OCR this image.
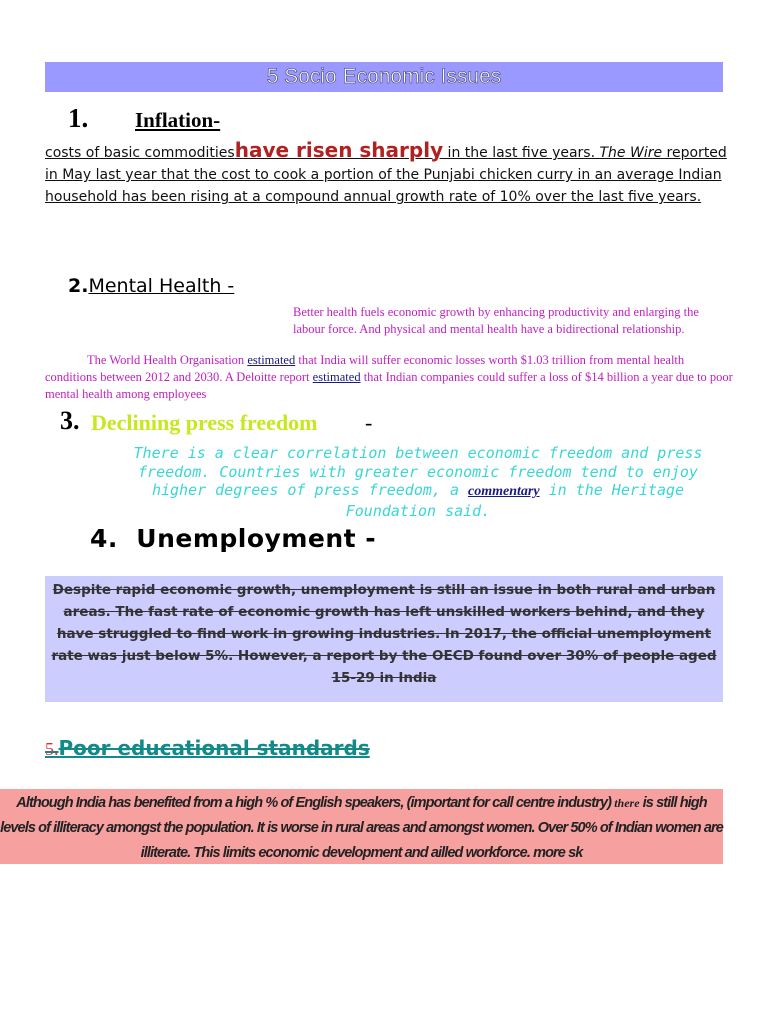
5 Socio Economic Issues
1. Inflation-
costs of basic commoditieshave risen sharply in the last five years. The Wire reported in May last year that the cost to cook a portion of the Punjabi chicken curry in an average Indian household has been rising at a compound annual growth rate of 10% over the last five years.
2.Mental Health -
Better health fuels economic growth by enhancing productivity and enlarging the labour force. And physical and mental health have a bidirectional relationship.
The World Health Organisation estimated that India will suffer economic losses worth $1.03 trillion from mental health conditions between 2012 and 2030. A Deloitte report estimated that Indian companies could suffer a loss of $14 billion a year due to poor mental health among employees
3. Declining press freedom -
There is a clear correlation between economic freedom and press freedom. Countries with greater economic freedom tend to enjoy higher degrees of press freedom, a commentary in the Heritage Foundation said.
4.  Unemployment -
Despite rapid economic growth, unemployment is still an issue in both rural and urban areas. The fast rate of economic growth has left unskilled workers behind, and they have struggled to find work in growing industries. In 2017, the official unemployment rate was just below 5%. However, a report by the OECD found over 30% of people aged 15-29 in India
5.Poor educational standards
Although India has benefited from a high % of English speakers, (important for call centre industry) there is still high levels of illiteracy amongst the population. It is worse in rural areas and amongst women. Over 50% of Indian women are illiterate. This limits economic development and ailled workforce. more sk
